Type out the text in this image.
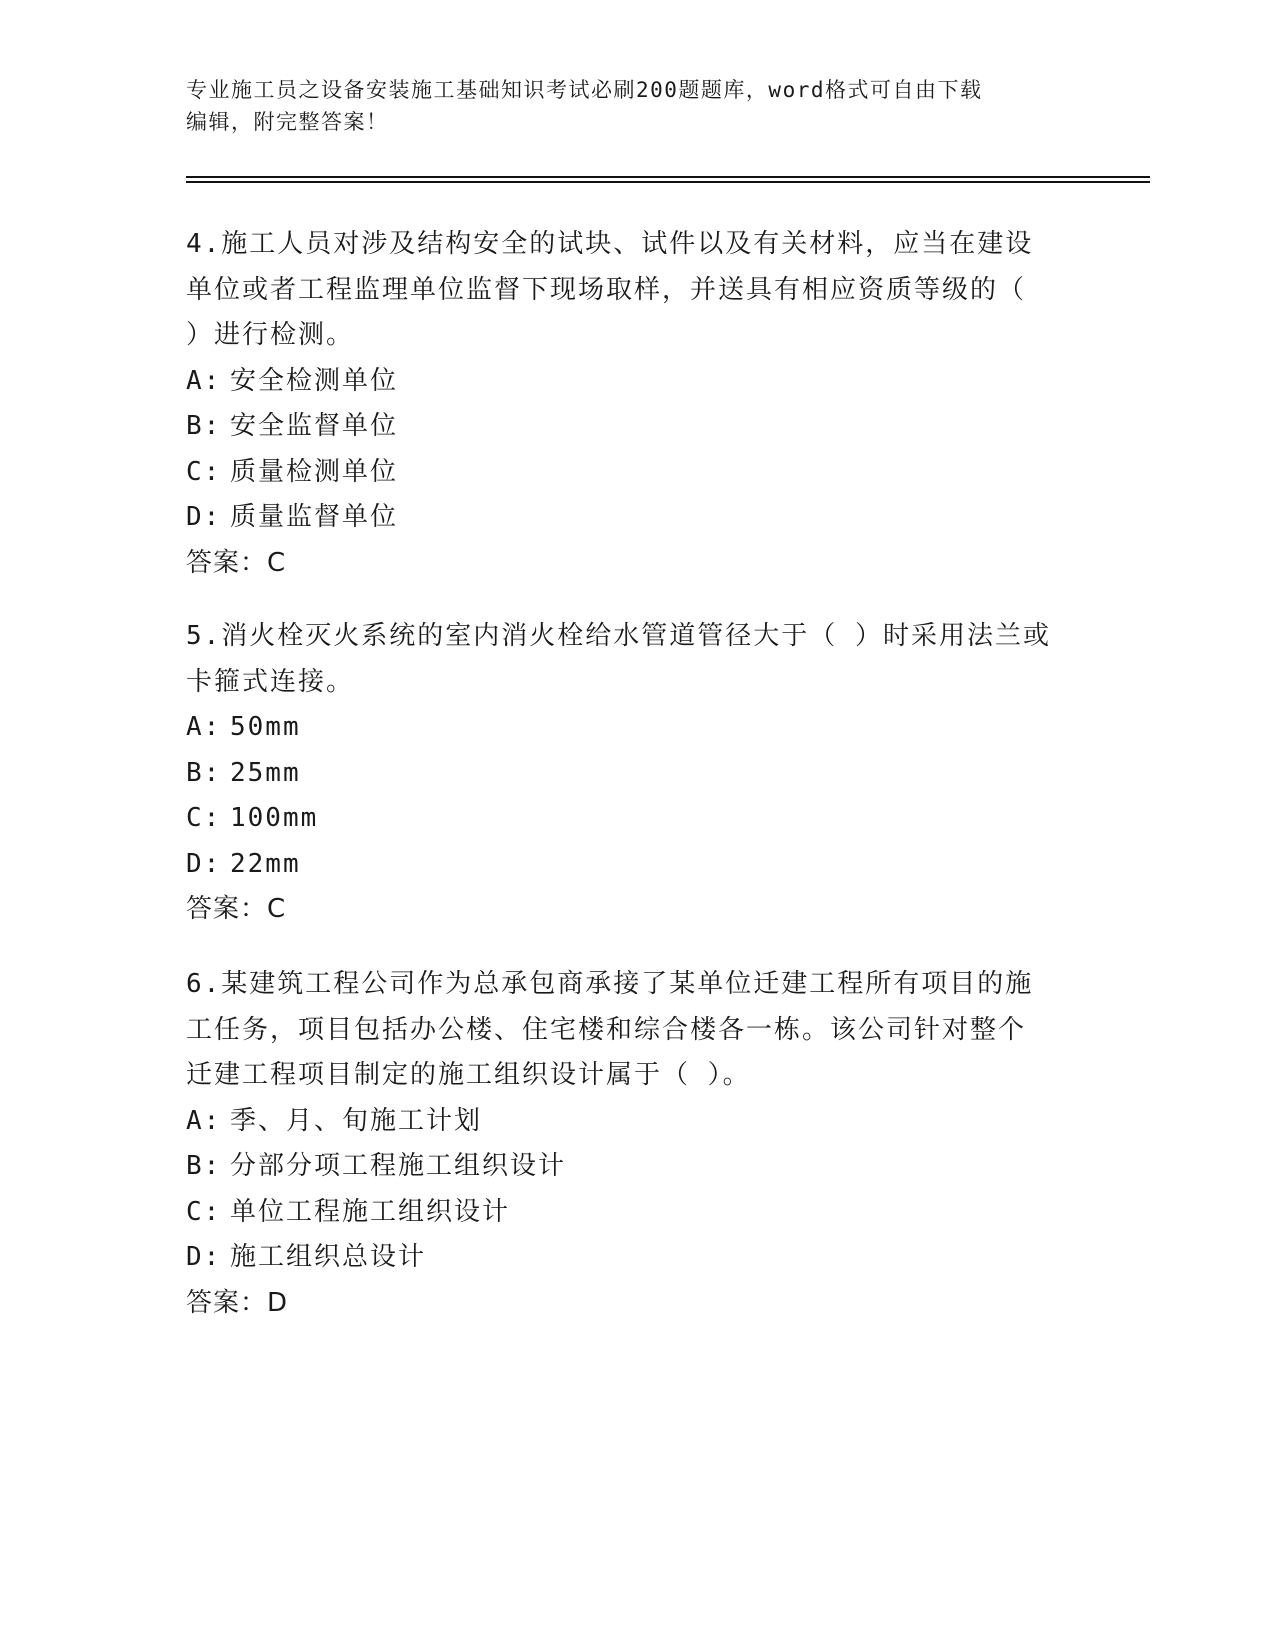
专业施工员之设备安装施工基础知识考试必刷200题题库，word格式可自由下载
编辑，附完整答案！

4.施工人员对涉及结构安全的试块、试件以及有关材料，应当在建设
单位或者工程监理单位监督下现场取样，并送具有相应资质等级的（
）进行检测。

A: 安全检测单位
B: 安全监督单位
C: 质量检测单位
D: 质量监督单位
答案：C

5.消火栓灭火系统的室内消火栓给水管道管径大于（ ）时采用法兰或
卡箍式连接。

A: 50mm
B: 25mm
C: 100mm
D: 22mm
答案：C

6.某建筑工程公司作为总承包商承接了某单位迁建工程所有项目的施
工任务，项目包括办公楼、住宅楼和综合楼各一栋。该公司针对整个
迁建工程项目制定的施工组织设计属于（ ）。

A: 季、月、旬施工计划
B: 分部分项工程施工组织设计
C: 单位工程施工组织设计
D: 施工组织总设计
答案：D
